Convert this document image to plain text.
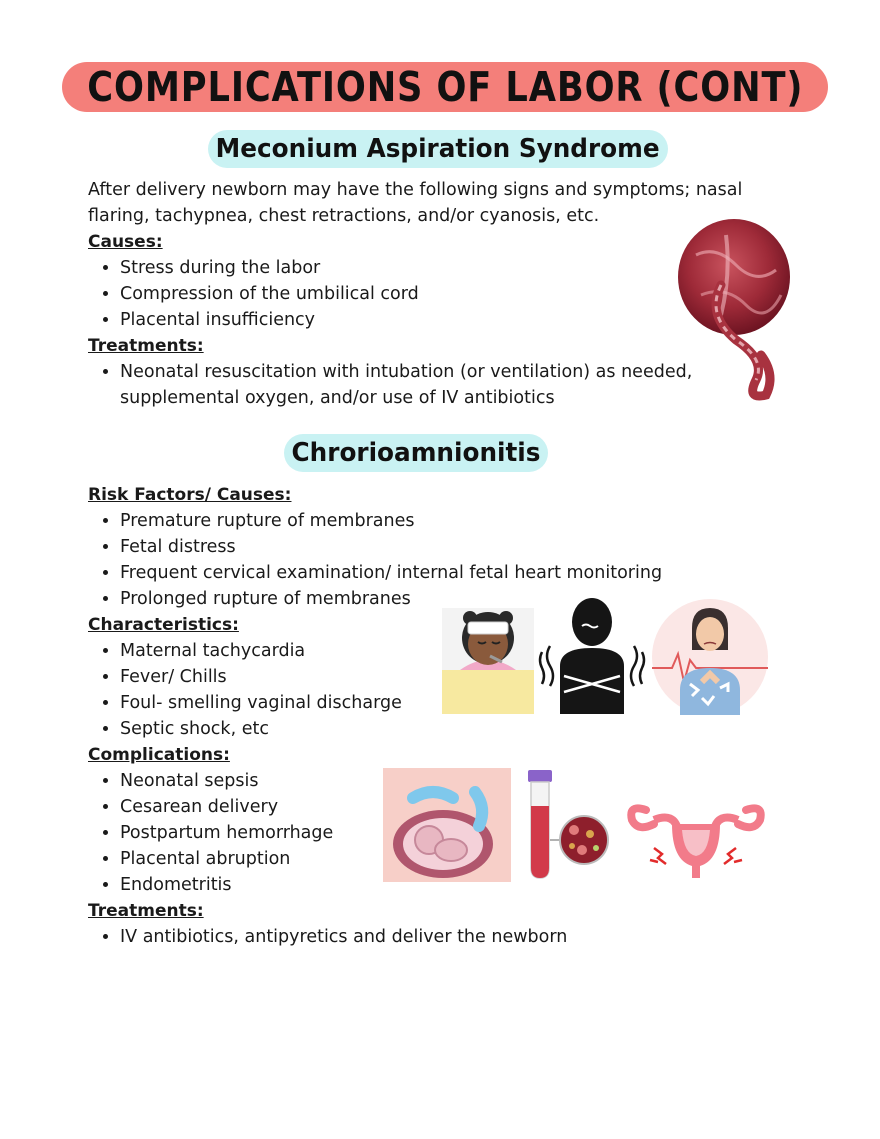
COMPLICATIONS OF LABOR (CONT)
Meconium Aspiration Syndrome

After delivery newborn may have the following signs and symptoms; nasal flaring, tachypnea, chest retractions, and/or cyanosis, etc.

Causes:

• Stress during the labor
• Compression of the umbilical cord
• Placental insufficiency

Treatments:

• Neonatal resuscitation with intubation (or ventilation) as needed, supplemental oxygen, and/or use of IV antibiotics
Chrorioamnionitis

Risk Factors/ Causes:

• Premature rupture of membranes
• Fetal distress
• Frequent cervical examination/ internal fetal heart monitoring
• Prolonged rupture of membranes

Characteristics:

• Maternal tachycardia
• Fever/ Chills
• Foul- smelling vaginal discharge
• Septic shock, etc

Complications:

• Neonatal sepsis
• Cesarean delivery
• Postpartum hemorrhage
• Placental abruption
• Endometritis

Treatments:

• IV antibiotics, antipyretics and deliver the newborn
